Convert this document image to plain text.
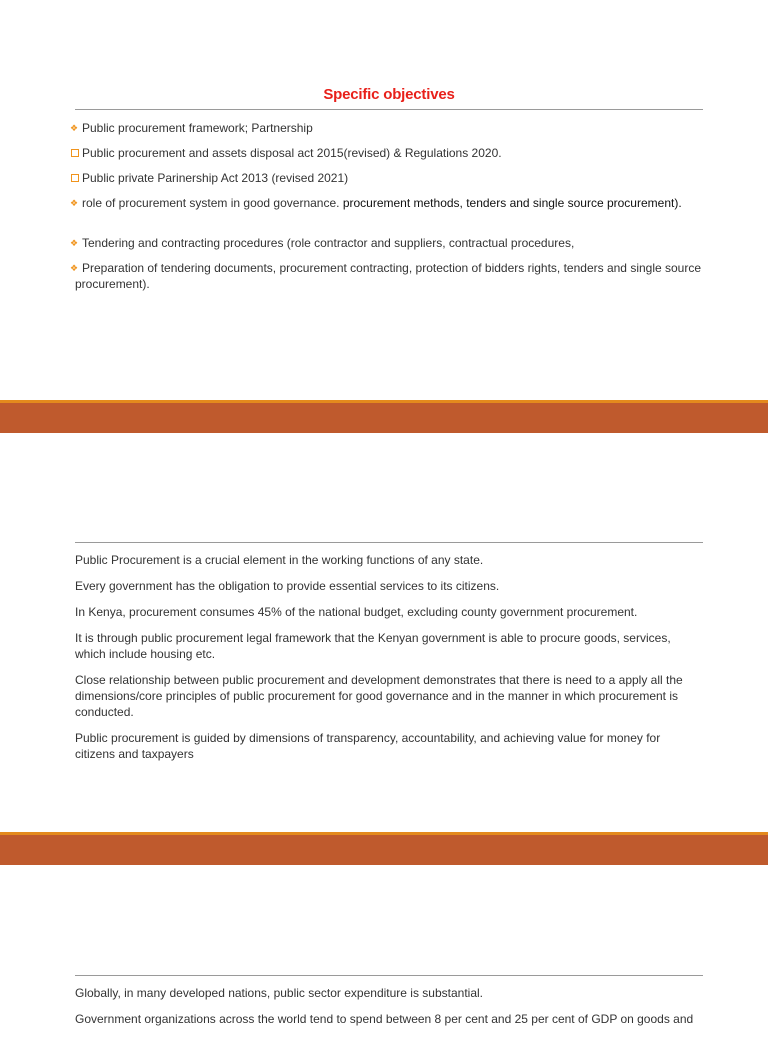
Specific objectives
❖ Public procurement framework; Partnership
Public procurement and assets disposal act 2015(revised) & Regulations 2020.
Public private Parinership Act 2013 (revised 2021)
❖ role of procurement system in good governance. procurement methods, tenders and single source procurement).
❖ Tendering and contracting procedures (role contractor and suppliers, contractual procedures,
❖ Preparation of tendering documents, procurement contracting, protection of bidders rights, tenders and single source
procurement).

Public Procurement is a crucial element in the working functions of any state.

Every government has the obligation to provide essential services to its citizens.

In Kenya, procurement consumes 45% of the national budget, excluding county government procurement.

It is through public procurement legal framework that the Kenyan government is able to procure goods, services, which include housing etc.

Close relationship between public procurement and development demonstrates that there is need to a apply all the dimensions/core principles of public procurement for good governance and in the manner in which procurement is conducted.

Public procurement is guided by dimensions of transparency, accountability, and achieving value for money for citizens and taxpayers

Globally, in many developed nations, public sector expenditure is substantial.

Government organizations across the world tend to spend between 8 per cent and 25 per cent of GDP on goods and
